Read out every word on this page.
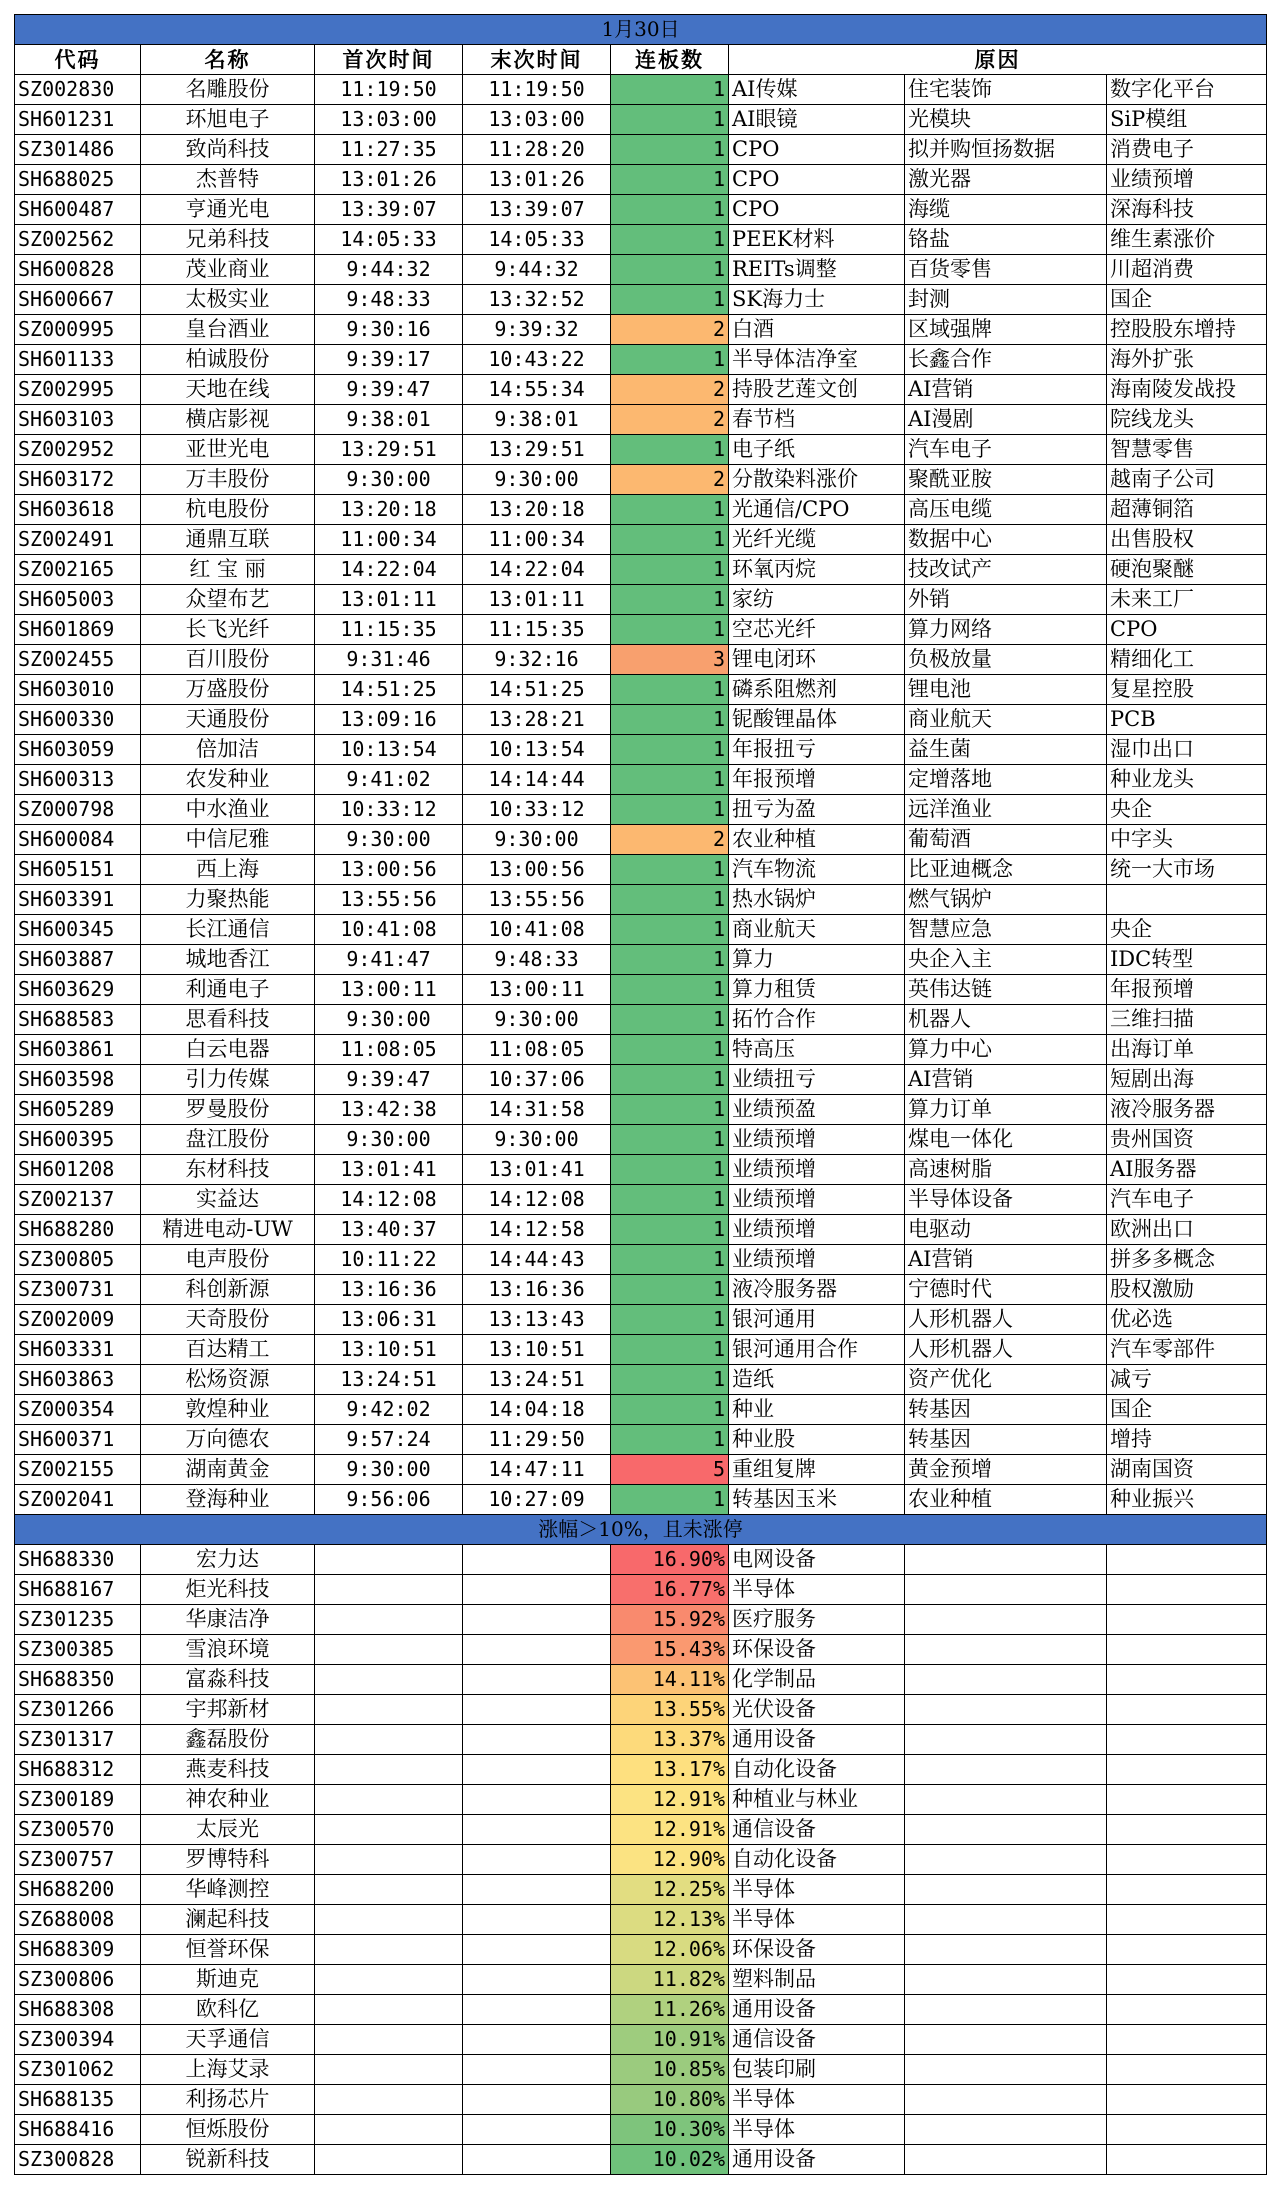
1月30日							
代码	名称	首次时间	末次时间	连板数	原因		
SZ002830	名雕股份	11:19:50	11:19:50	1	AI传媒	住宅装饰	数字化平台
SH601231	环旭电子	13:03:00	13:03:00	1	AI眼镜	光模块	SiP模组
SZ301486	致尚科技	11:27:35	11:28:20	1	CPO	拟并购恒扬数据	消费电子
SH688025	杰普特	13:01:26	13:01:26	1	CPO	激光器	业绩预增
SH600487	亨通光电	13:39:07	13:39:07	1	CPO	海缆	深海科技
SZ002562	兄弟科技	14:05:33	14:05:33	1	PEEK材料	铬盐	维生素涨价
SH600828	茂业商业	9:44:32	9:44:32	1	REITs调整	百货零售	川超消费
SH600667	太极实业	9:48:33	13:32:52	1	SK海力士	封测	国企
SZ000995	皇台酒业	9:30:16	9:39:32	2	白酒	区域强牌	控股股东增持
SH601133	柏诚股份	9:39:17	10:43:22	1	半导体洁净室	长鑫合作	海外扩张
SZ002995	天地在线	9:39:47	14:55:34	2	持股艺莲文创	AI营销	海南陵发战投
SH603103	横店影视	9:38:01	9:38:01	2	春节档	AI漫剧	院线龙头
SZ002952	亚世光电	13:29:51	13:29:51	1	电子纸	汽车电子	智慧零售
SH603172	万丰股份	9:30:00	9:30:00	2	分散染料涨价	聚酰亚胺	越南子公司
SH603618	杭电股份	13:20:18	13:20:18	1	光通信/CPO	高压电缆	超薄铜箔
SZ002491	通鼎互联	11:00:34	11:00:34	1	光纤光缆	数据中心	出售股权
SZ002165	红 宝 丽	14:22:04	14:22:04	1	环氧丙烷	技改试产	硬泡聚醚
SH605003	众望布艺	13:01:11	13:01:11	1	家纺	外销	未来工厂
SH601869	长飞光纤	11:15:35	11:15:35	1	空芯光纤	算力网络	CPO
SZ002455	百川股份	9:31:46	9:32:16	3	锂电闭环	负极放量	精细化工
SH603010	万盛股份	14:51:25	14:51:25	1	磷系阻燃剂	锂电池	复星控股
SH600330	天通股份	13:09:16	13:28:21	1	铌酸锂晶体	商业航天	PCB
SH603059	倍加洁	10:13:54	10:13:54	1	年报扭亏	益生菌	湿巾出口
SH600313	农发种业	9:41:02	14:14:44	1	年报预增	定增落地	种业龙头
SZ000798	中水渔业	10:33:12	10:33:12	1	扭亏为盈	远洋渔业	央企
SH600084	中信尼雅	9:30:00	9:30:00	2	农业种植	葡萄酒	中字头
SH605151	西上海	13:00:56	13:00:56	1	汽车物流	比亚迪概念	统一大市场
SH603391	力聚热能	13:55:56	13:55:56	1	热水锅炉	燃气锅炉	
SH600345	长江通信	10:41:08	10:41:08	1	商业航天	智慧应急	央企
SH603887	城地香江	9:41:47	9:48:33	1	算力	央企入主	IDC转型
SH603629	利通电子	13:00:11	13:00:11	1	算力租赁	英伟达链	年报预增
SH688583	思看科技	9:30:00	9:30:00	1	拓竹合作	机器人	三维扫描
SH603861	白云电器	11:08:05	11:08:05	1	特高压	算力中心	出海订单
SH603598	引力传媒	9:39:47	10:37:06	1	业绩扭亏	AI营销	短剧出海
SH605289	罗曼股份	13:42:38	14:31:58	1	业绩预盈	算力订单	液冷服务器
SH600395	盘江股份	9:30:00	9:30:00	1	业绩预增	煤电一体化	贵州国资
SH601208	东材科技	13:01:41	13:01:41	1	业绩预增	高速树脂	AI服务器
SZ002137	实益达	14:12:08	14:12:08	1	业绩预增	半导体设备	汽车电子
SH688280	精进电动-UW	13:40:37	14:12:58	1	业绩预增	电驱动	欧洲出口
SZ300805	电声股份	10:11:22	14:44:43	1	业绩预增	AI营销	拼多多概念
SZ300731	科创新源	13:16:36	13:16:36	1	液冷服务器	宁德时代	股权激励
SZ002009	天奇股份	13:06:31	13:13:43	1	银河通用	人形机器人	优必选
SH603331	百达精工	13:10:51	13:10:51	1	银河通用合作	人形机器人	汽车零部件
SH603863	松炀资源	13:24:51	13:24:51	1	造纸	资产优化	减亏
SZ000354	敦煌种业	9:42:02	14:04:18	1	种业	转基因	国企
SH600371	万向德农	9:57:24	11:29:50	1	种业股	转基因	增持
SZ002155	湖南黄金	9:30:00	14:47:11	5	重组复牌	黄金预增	湖南国资
SZ002041	登海种业	9:56:06	10:27:09	1	转基因玉米	农业种植	种业振兴
涨幅＞10%，且未涨停							
SH688330	宏力达			16.90%	电网设备		
SH688167	炬光科技			16.77%	半导体		
SZ301235	华康洁净			15.92%	医疗服务		
SZ300385	雪浪环境			15.43%	环保设备		
SH688350	富淼科技			14.11%	化学制品		
SZ301266	宇邦新材			13.55%	光伏设备		
SZ301317	鑫磊股份			13.37%	通用设备		
SH688312	燕麦科技			13.17%	自动化设备		
SZ300189	神农种业			12.91%	种植业与林业		
SZ300570	太辰光			12.91%	通信设备		
SZ300757	罗博特科			12.90%	自动化设备		
SH688200	华峰测控			12.25%	半导体		
SZ688008	澜起科技			12.13%	半导体		
SH688309	恒誉环保			12.06%	环保设备		
SZ300806	斯迪克			11.82%	塑料制品		
SH688308	欧科亿			11.26%	通用设备		
SZ300394	天孚通信			10.91%	通信设备		
SZ301062	上海艾录			10.85%	包装印刷		
SH688135	利扬芯片			10.80%	半导体		
SH688416	恒烁股份			10.30%	半导体		
SZ300828	锐新科技			10.02%	通用设备		
